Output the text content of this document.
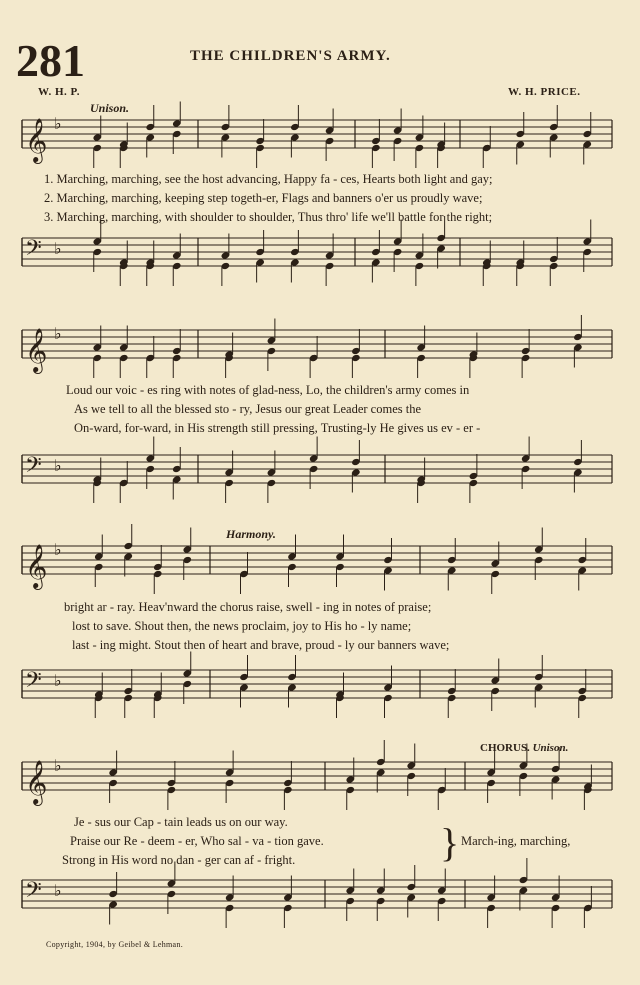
281	THE CHILDREN'S ARMY.
W. H. P.	W. H. PRICE.
Unison.
𝄞 ♭
𝄢 ♭
1. Marching, marching, see the host advancing, Happy fa - ces, Hearts both light and gay;
2. Marching, marching, keeping step togeth-er, Flags and banners o'er us proudly wave;
3. Marching, marching, with shoulder to shoulder, Thus thro' life we'll battle for the right;
𝄞 ♭
𝄢 ♭
Loud our voic - es ring with notes of glad-ness, Lo, the children's army comes in
As we tell to all the blessed sto - ry, Jesus our great Leader comes the
On-ward, for-ward, in His strength still pressing, Trusting-ly He gives us ev - er -
Harmony.
𝄞 ♭
𝄢 ♭
bright ar - ray. Heav'nward the chorus raise, swell - ing in notes of praise;
lost to save. Shout then, the news proclaim, joy to His ho - ly name;
last - ing might. Stout then of heart and brave, proud - ly our banners wave;
CHORUS. Unison.
𝄞 ♭
𝄢 ♭
Je - sus our Cap - tain leads us on our way.
Praise our Re - deem - er, Who sal - va - tion gave.
Strong in His word no dan - ger can af - fright.	} March-ing, marching,
Copyright, 1904, by Geibel & Lehman.
